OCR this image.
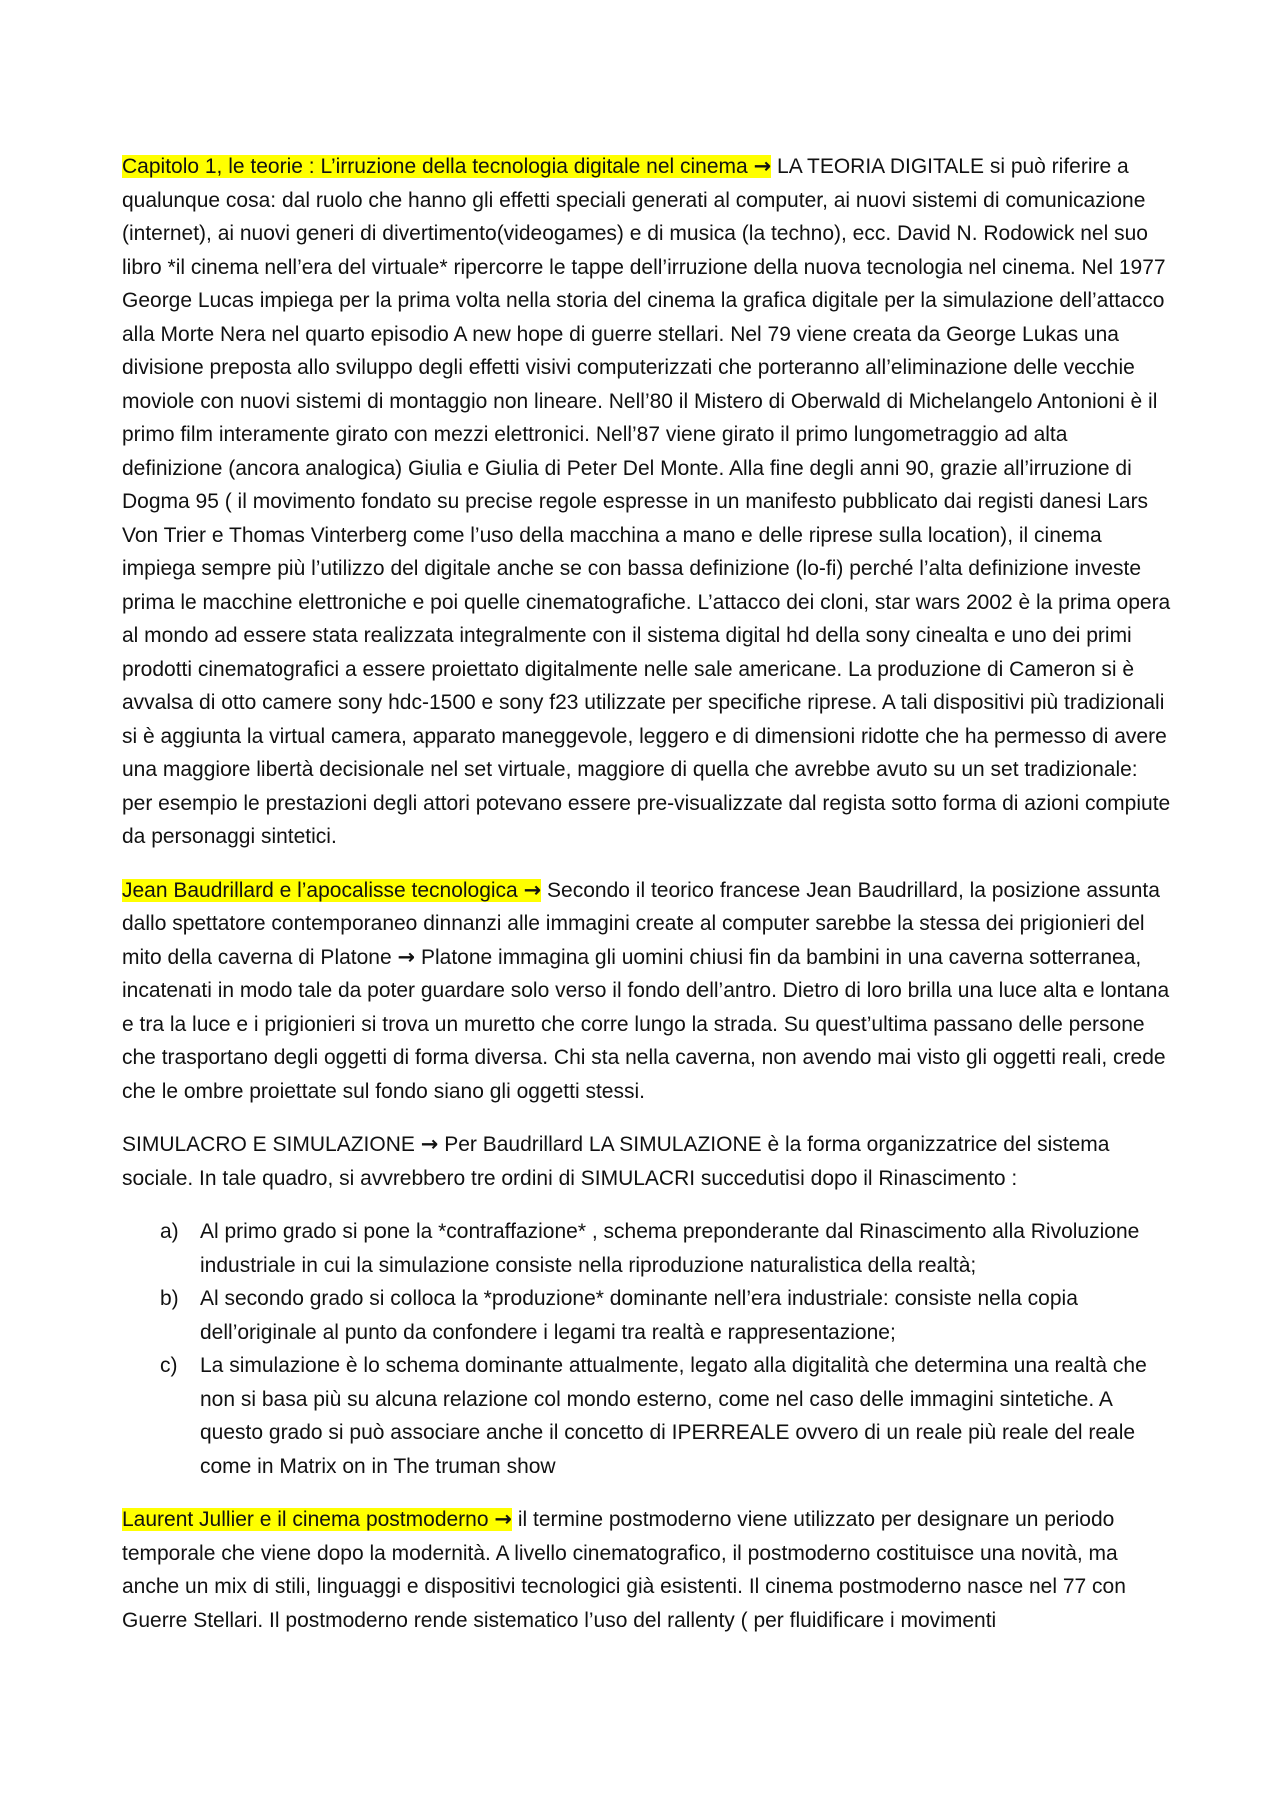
Capitolo 1, le teorie : L’irruzione della tecnologia digitale nel cinema → LA TEORIA DIGITALE si può riferire a qualunque cosa: dal ruolo che hanno gli effetti speciali generati al computer, ai nuovi sistemi di comunicazione (internet), ai nuovi generi di divertimento(videogames) e di musica (la techno), ecc. David N. Rodowick nel suo libro *il cinema nell’era del virtuale* ripercorre le tappe dell’irruzione della nuova tecnologia nel cinema. Nel 1977 George Lucas impiega per la prima volta nella storia del cinema la grafica digitale per la simulazione dell’attacco alla Morte Nera nel quarto episodio A new hope di guerre stellari. Nel 79 viene creata da George Lukas una divisione preposta allo sviluppo degli effetti visivi computerizzati che porteranno all’eliminazione delle vecchie moviole con nuovi sistemi di montaggio non lineare. Nell’80 il Mistero di Oberwald di Michelangelo Antonioni è il primo film interamente girato con mezzi elettronici. Nell’87 viene girato il primo lungometraggio ad alta definizione (ancora analogica) Giulia e Giulia di Peter Del Monte. Alla fine degli anni 90, grazie all’irruzione di Dogma 95 ( il movimento fondato su precise regole espresse in un manifesto pubblicato dai registi danesi Lars Von Trier e Thomas Vinterberg come l’uso della macchina a mano e delle riprese sulla location), il cinema impiega sempre più l’utilizzo del digitale anche se con bassa definizione (lo-fi) perché l’alta definizione investe prima le macchine elettroniche e poi quelle cinematografiche. L’attacco dei cloni, star wars 2002 è la prima opera al mondo ad essere stata realizzata integralmente con il sistema digital hd della sony cinealta e uno dei primi prodotti cinematografici a essere proiettato digitalmente nelle sale americane. La produzione di Cameron si è avvalsa di otto camere sony hdc-1500 e sony f23 utilizzate per specifiche riprese. A tali dispositivi più tradizionali si è aggiunta la virtual camera, apparato maneggevole, leggero e di dimensioni ridotte che ha permesso di avere una maggiore libertà decisionale nel set virtuale, maggiore di quella che avrebbe avuto su un set tradizionale: per esempio le prestazioni degli attori potevano essere pre-visualizzate dal regista sotto forma di azioni compiute da personaggi sintetici.

Jean Baudrillard e l’apocalisse tecnologica → Secondo il teorico francese Jean Baudrillard, la posizione assunta dallo spettatore contemporaneo dinnanzi alle immagini create al computer sarebbe la stessa dei prigionieri del mito della caverna di Platone → Platone immagina gli uomini chiusi fin da bambini in una caverna sotterranea, incatenati in modo tale da poter guardare solo verso il fondo dell’antro. Dietro di loro brilla una luce alta e lontana e tra la luce e i prigionieri si trova un muretto che corre lungo la strada. Su quest’ultima passano delle persone che trasportano degli oggetti di forma diversa. Chi sta nella caverna, non avendo mai visto gli oggetti reali, crede che le ombre proiettate sul fondo siano gli oggetti stessi.

SIMULACRO E SIMULAZIONE → Per Baudrillard LA SIMULAZIONE è la forma organizzatrice del sistema sociale. In tale quadro, si avvrebbero tre ordini di SIMULACRI succedutisi dopo il Rinascimento :

a) Al primo grado si pone la *contraffazione* , schema preponderante dal Rinascimento alla Rivoluzione industriale in cui la simulazione consiste nella riproduzione naturalistica della realtà;
b) Al secondo grado si colloca la *produzione* dominante nell’era industriale: consiste nella copia dell’originale al punto da confondere i legami tra realtà e rappresentazione;
c) La simulazione è lo schema dominante attualmente, legato alla digitalità che determina una realtà che non si basa più su alcuna relazione col mondo esterno, come nel caso delle immagini sintetiche. A questo grado si può associare anche il concetto di IPERREALE ovvero di un reale più reale del reale come in Matrix on in The truman show

Laurent Jullier e il cinema postmoderno → il termine postmoderno viene utilizzato per designare un periodo temporale che viene dopo la modernità. A livello cinematografico, il postmoderno costituisce una novità, ma anche un mix di stili, linguaggi e dispositivi tecnologici già esistenti. Il cinema postmoderno nasce nel 77 con Guerre Stellari. Il postmoderno rende sistematico l’uso del rallenty ( per fluidificare i movimenti
